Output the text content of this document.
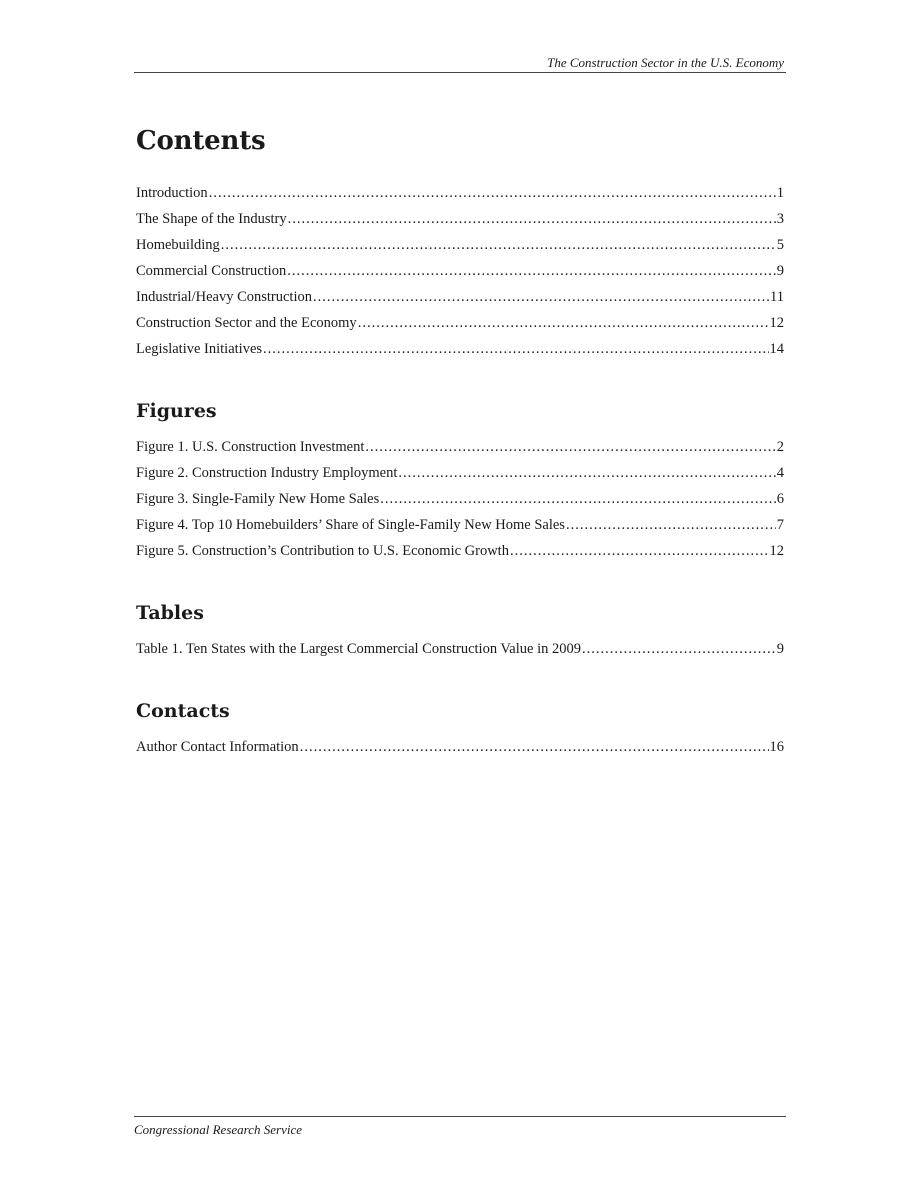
The Construction Sector in the U.S. Economy
Contents
Introduction .....	1
The Shape of the Industry .....	3
Homebuilding .....	5
Commercial Construction .....	9
Industrial/Heavy Construction .....	11
Construction Sector and the Economy .....	12
Legislative Initiatives .....	14
Figures
Figure 1. U.S. Construction Investment .....	2
Figure 2. Construction Industry Employment .....	4
Figure 3. Single-Family New Home Sales .....	6
Figure 4. Top 10 Homebuilders’ Share of Single-Family New Home Sales .....	7
Figure 5. Construction’s Contribution to U.S. Economic Growth .....	12
Tables
Table 1. Ten States with the Largest Commercial Construction Value in 2009 .....	9
Contacts
Author Contact Information .....	16
Congressional Research Service
